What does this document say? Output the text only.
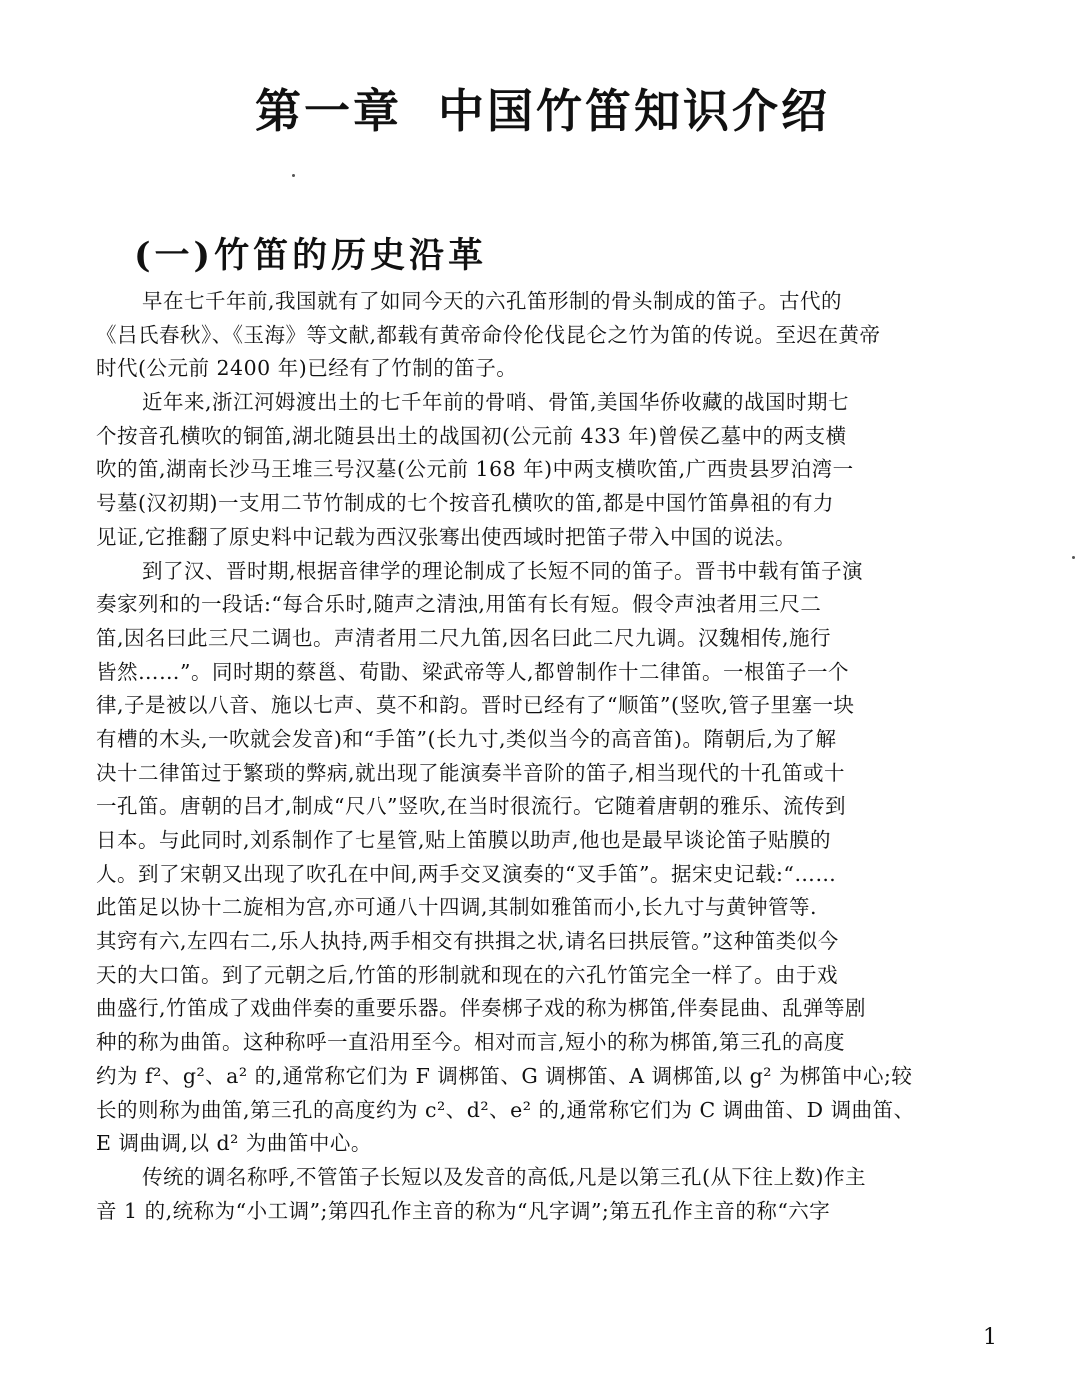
第一章 中国竹笛知识介绍
(一)竹笛的历史沿革
早在七千年前,我国就有了如同今天的六孔笛形制的骨头制成的笛子。古代的
《吕氏春秋》、《玉海》等文献,都载有黄帝命伶伦伐昆仑之竹为笛的传说。至迟在黄帝
时代(公元前 2400 年)已经有了竹制的笛子。
近年来,浙江河姆渡出土的七千年前的骨哨、骨笛,美国华侨收藏的战国时期七
个按音孔横吹的铜笛,湖北随县出土的战国初(公元前 433 年)曾侯乙墓中的两支横
吹的笛,湖南长沙马王堆三号汉墓(公元前 168 年)中两支横吹笛,广西贵县罗泊湾一
号墓(汉初期)一支用二节竹制成的七个按音孔横吹的笛,都是中国竹笛鼻祖的有力
见证,它推翻了原史料中记载为西汉张骞出使西域时把笛子带入中国的说法。
到了汉、晋时期,根据音律学的理论制成了长短不同的笛子。晋书中载有笛子演
奏家列和的一段话:“每合乐时,随声之清浊,用笛有长有短。假令声浊者用三尺二
笛,因名曰此三尺二调也。声清者用二尺九笛,因名曰此二尺九调。汉魏相传,施行
皆然……”。同时期的蔡邕、荀勖、梁武帝等人,都曾制作十二律笛。一根笛子一个
律,子是被以八音、施以七声、莫不和韵。晋时已经有了“顺笛”(竖吹,管子里塞一块
有槽的木头,一吹就会发音)和“手笛”(长九寸,类似当今的高音笛)。隋朝后,为了解
决十二律笛过于繁琐的弊病,就出现了能演奏半音阶的笛子,相当现代的十孔笛或十
一孔笛。唐朝的吕才,制成“尺八”竖吹,在当时很流行。它随着唐朝的雅乐、流传到
日本。与此同时,刘系制作了七星管,贴上笛膜以助声,他也是最早谈论笛子贴膜的
人。到了宋朝又出现了吹孔在中间,两手交叉演奏的“叉手笛”。据宋史记载:“……
此笛足以协十二旋相为宫,亦可通八十四调,其制如雅笛而小,长九寸与黄钟管等.
其窍有六,左四右二,乐人执持,两手相交有拱揖之状,请名曰拱辰管。”这种笛类似今
天的大口笛。到了元朝之后,竹笛的形制就和现在的六孔竹笛完全一样了。由于戏
曲盛行,竹笛成了戏曲伴奏的重要乐器。伴奏梆子戏的称为梆笛,伴奏昆曲、乱弹等剧
种的称为曲笛。这种称呼一直沿用至今。相对而言,短小的称为梆笛,第三孔的高度
约为 f²、g²、a² 的,通常称它们为 F 调梆笛、G 调梆笛、A 调梆笛,以 g² 为梆笛中心;较
长的则称为曲笛,第三孔的高度约为 c²、d²、e² 的,通常称它们为 C 调曲笛、D 调曲笛、
E 调曲调,以 d² 为曲笛中心。
传统的调名称呼,不管笛子长短以及发音的高低,凡是以第三孔(从下往上数)作主
音 1 的,统称为“小工调”;第四孔作主音的称为“凡字调”;第五孔作主音的称“六字
1
